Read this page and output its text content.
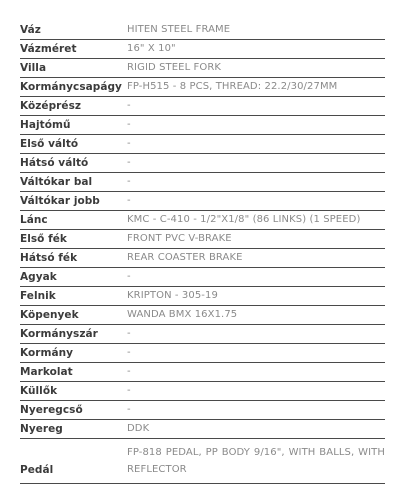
Váz	HITEN STEEL FRAME
Vázméret	16" X 10"
Villa	RIGID STEEL FORK
Kormánycsapágy	FP-H515 - 8 PCS, THREAD: 22.2/30/27MM
Középrész	-
Hajtómű	-
Első váltó	-
Hátsó váltó	-
Váltókar bal	-
Váltókar jobb	-
Lánc	KMC - C-410 - 1/2"X1/8" (86 LINKS) (1 SPEED)
Első fék	FRONT PVC V-BRAKE
Hátsó fék	REAR COASTER BRAKE
Agyak	-
Felnik	KRIPTON - 305-19
Köpenyek	WANDA BMX 16X1.75
Kormányszár	-
Kormány	-
Markolat	-
Küllők	-
Nyeregcső	-
Nyereg	DDK
Pedál	FP-818 PEDAL, PP BODY 9/16", WITH BALLS, WITH REFLECTOR
